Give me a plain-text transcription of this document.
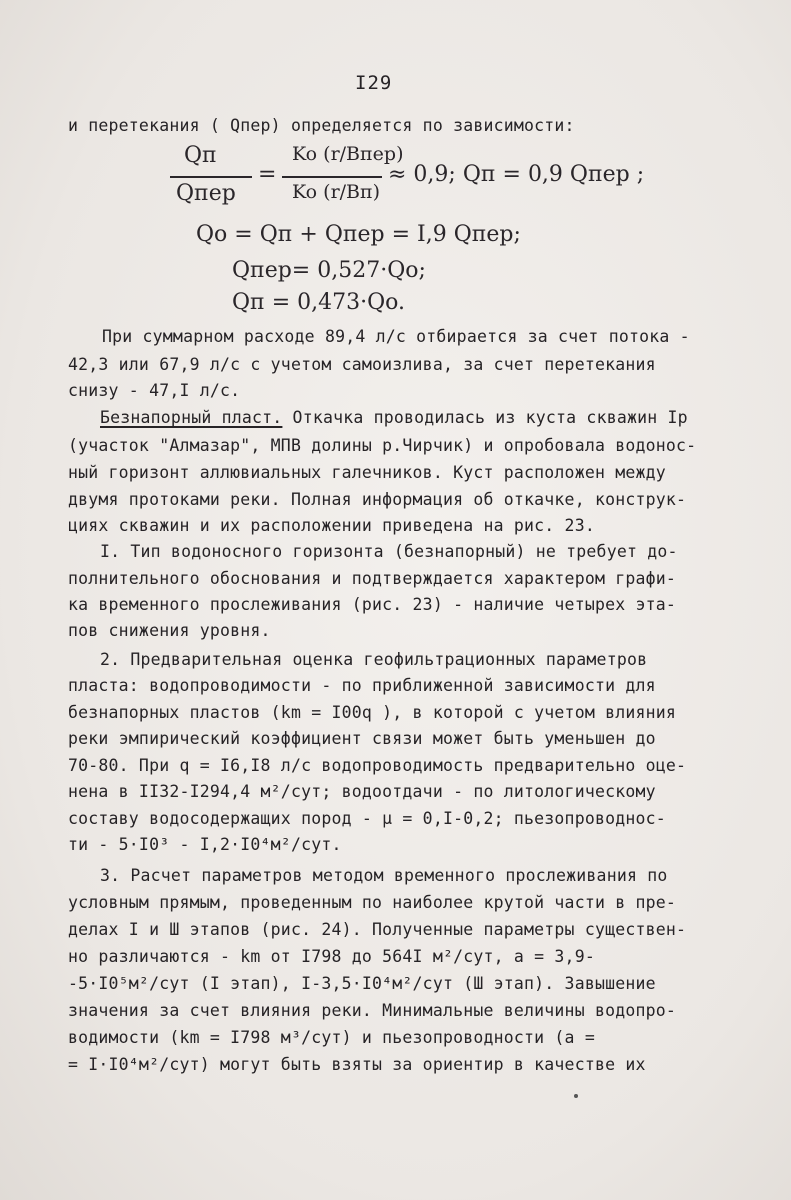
I29
и перетекания ( Qпер) определяется по зависимости:
Qп
Qпер
=
Ko (r/Bпер)
Ko (r/Bп)
≈ 0,9; Qп = 0,9 Qпер ;
Qo = Qп + Qпер = I,9 Qпер;
Qпер= 0,527·Qo;
Qп = 0,473·Qo.
При суммарном расходе 89,4 л/с отбирается за счет потока -
42,3 или 67,9 л/с с учетом самоизлива, за счет перетекания
снизу - 47,I л/с.
Безнапорный пласт. Откачка проводилась из куста скважин Iр
(участок "Алмазар", МПВ долины р.Чирчик) и опробовала водонос-
ный горизонт аллювиальных галечников. Куст расположен между
двумя протоками реки. Полная информация об откачке, конструк-
циях скважин и их расположении приведена на рис. 23.
I. Тип водоносного горизонта (безнапорный) не требует до-
полнительного обоснования и подтверждается характером графи-
ка временного прослеживания (рис. 23) - наличие четырех эта-
пов снижения уровня.
2. Предварительная оценка геофильтрационных параметров
пласта: водопроводимости - по приближенной зависимости для
безнапорных пластов (km = I00q ), в которой с учетом влияния
реки эмпирический коэффициент связи может быть уменьшен до
70-80. При q = I6,I8 л/с водопроводимость предварительно оце-
нена в II32-I294,4 м²/сут; водоотдачи - по литологическому
составу водосодержащих пород - μ = 0,I-0,2; пьезопроводнос-
ти - 5·I0³ - I,2·I0⁴м²/сут.
3. Расчет параметров методом временного прослеживания по
условным прямым, проведенным по наиболее крутой части в пре-
делах I и Ш этапов (рис. 24). Полученные параметры существен-
но различаются - km от I798 до 564I м²/сут, a = 3,9-
-5·I0⁵м²/сут (I этап), I-3,5·I0⁴м²/сут (Ш этап). Завышение
значения за счет влияния реки. Минимальные величины водопро-
водимости (km = I798 м³/сут) и пьезопроводности (a =
= I·I0⁴м²/сут) могут быть взяты за ориентир в качестве их
